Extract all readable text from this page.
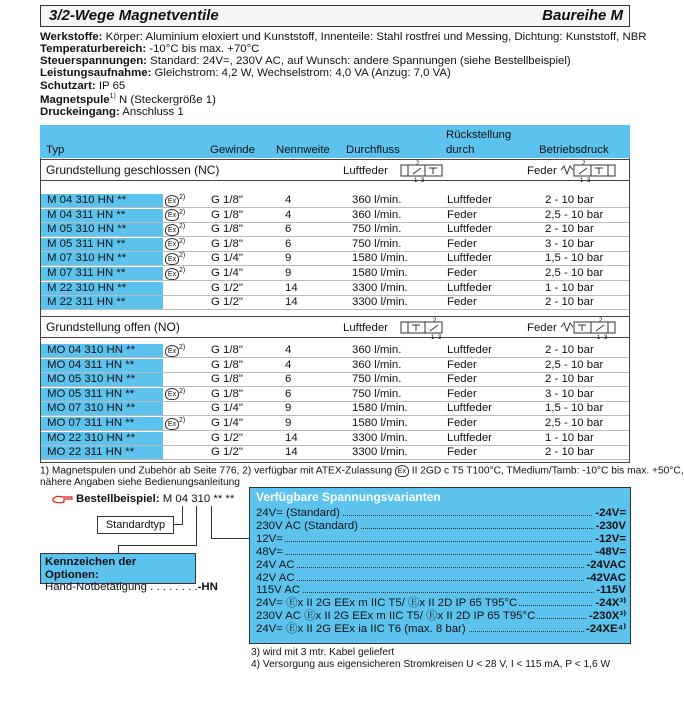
3/2-Wege Magnetventile	Baureihe M
Werkstoffe: Körper: Aluminium eloxiert und Kunststoff, Innenteile: Stahl rostfrei und Messing, Dichtung: Kunststoff, NBR
Temperaturbereich: -10°C bis max. +70°C
Steuerspannungen: Standard: 24V=, 230V AC, auf Wunsch: andere Spannungen (siehe Bestellbeispiel)
Leistungsaufnahme: Gleichstrom: 4,2 W, Wechselstrom: 4,0 VA (Anzug: 7,0 VA)
Schutzart: IP 65
Magnetspule$^{1)}$ N (Steckergröße 1)
Druckeingang: Anschluss 1
Typ	Gewinde Nennweite Durchfluss
Rückstellung
durch	Betriebsdruck
Grundstellung geschlossen (NC)	Luftfeder
2
1 3
Feder
2
1 3
Grundstellung offen (NO)	Luftfeder
2
1 3
Feder
2
1 3
M 04 310 HN **	Ex$^{2)}$	G 1/8"	4	360 l/min.	Luftfeder	2 - 10 bar
M 04 311 HN **	Ex$^{2)}$	G 1/8"	4	360 l/min.	Feder	2,5 - 10 bar
M 05 310 HN **	Ex$^{2)}$	G 1/8"	6	750 l/min.	Luftfeder	2 - 10 bar
M 05 311 HN **	Ex$^{2)}$	G 1/8"	6	750 l/min.	Feder	3 - 10 bar
M 07 310 HN **	Ex$^{2)}$	G 1/4"	9	1580 l/min.	Luftfeder	1,5 - 10 bar
M 07 311 HN **	Ex$^{2)}$	G 1/4"	9	1580 l/min.	Feder	2,5 - 10 bar
M 22 310 HN **	G 1/2"	14	3300 l/min.	Luftfeder	1 - 10 bar
M 22 311 HN **	G 1/2"	14	3300 l/min.	Feder	2 - 10 bar
MO 04 310 HN **	Ex$^{2)}$	G 1/8"	4	360 l/min.	Luftfeder	2 - 10 bar
MO 04 311 HN **	G 1/8"	4	360 l/min.	Feder	2,5 - 10 bar
MO 05 310 HN **	G 1/8"	6	750 l/min.	Feder	2 - 10 bar
MO 05 311 HN **	Ex$^{2)}$	G 1/8"	6	750 l/min.	Feder	3 - 10 bar
MO 07 310 HN **	G 1/4"	9	1580 l/min.	Luftfeder	1,5 - 10 bar
MO 07 311 HN **	Ex$^{2)}$	G 1/4"	9	1580 l/min.	Feder	2,5 - 10 bar
MO 22 310 HN **	G 1/2"	14	3300 l/min.	Luftfeder	1 - 10 bar
MO 22 311 HN **	G 1/2"	14	3300 l/min.	Feder	2 - 10 bar
1) Magnetspulen und Zubehör ab Seite 776, 2) verfügbar mit ATEX-Zulassung Ex II 2GD c T5 T100°C, TMedium/Tamb: -10°C bis max. +50°C,
nähere Angaben siehe Bedienungsanleitung
Bestellbeispiel: M 04 310 ** **
Standardtyp
Kennzeichen der Optionen:
Hand-Notbetätigung . . . . . . . .-HN
Verfügbare Spannungsvarianten
24V= (Standard)	-24V=
230V AC (Standard)	-230V
12V=	-12V=
48V=	-48V=
24V AC	-24VAC
42V AC	-42VAC
115V AC	-115V
24V= Ⓔx II 2G EEx m IIC T5/ Ⓔx II 2D IP 65 T95°C	-24X³⁾
230V AC Ⓔx II 2G EEx m IIC T5/ Ⓔx II 2D IP 65 T95°C	-230X³⁾
24V= Ⓔx II 2G EEx ia IIC T6 (max. 8 bar)	-24XE⁴⁾
3) wird mit 3 mtr. Kabel geliefert
4) Versorgung aus eigensicheren Stromkreisen U < 28 V, I < 115 mA, P < 1,6 W
